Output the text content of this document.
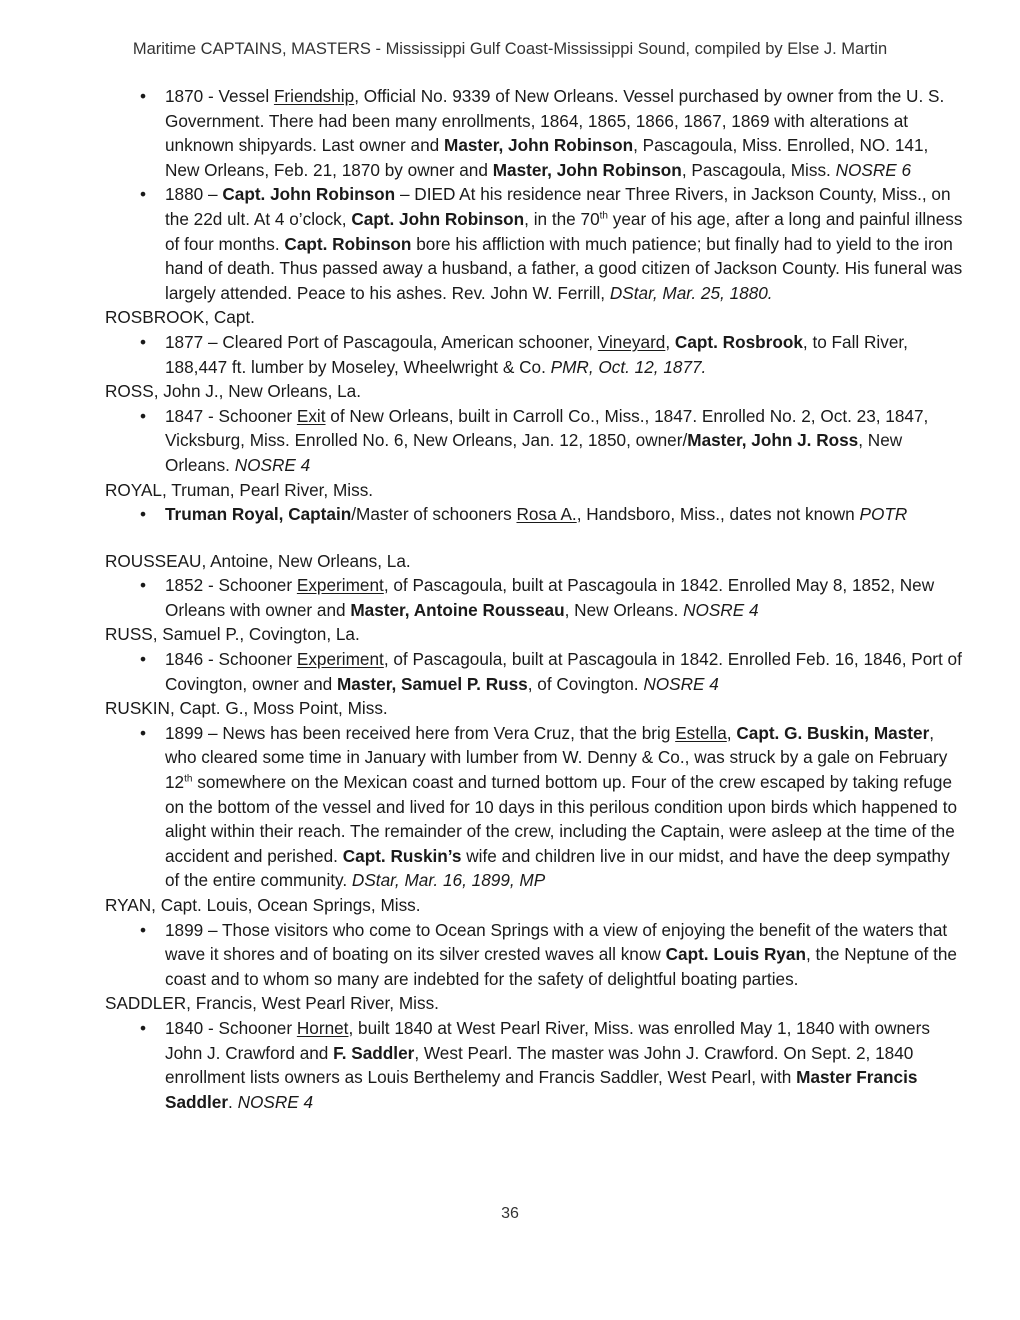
Maritime CAPTAINS, MASTERS - Mississippi Gulf Coast-Mississippi Sound, compiled by Else J. Martin
• 1870 - Vessel Friendship, Official No. 9339 of New Orleans. Vessel purchased by owner from the U. S. Government. There had been many enrollments, 1864, 1865, 1866, 1867, 1869 with alterations at unknown shipyards. Last owner and Master, John Robinson, Pascagoula, Miss. Enrolled, NO. 141, New Orleans, Feb. 21, 1870 by owner and Master, John Robinson, Pascagoula, Miss. NOSRE 6
• 1880 – Capt. John Robinson – DIED At his residence near Three Rivers, in Jackson County, Miss., on the 22d ult. At 4 o’clock, Capt. John Robinson, in the 70th year of his age, after a long and painful illness of four months. Capt. Robinson bore his affliction with much patience; but finally had to yield to the iron hand of death. Thus passed away a husband, a father, a good citizen of Jackson County. His funeral was largely attended. Peace to his ashes. Rev. John W. Ferrill, DStar, Mar. 25, 1880.
ROSBROOK, Capt.
• 1877 – Cleared Port of Pascagoula, American schooner, Vineyard, Capt. Rosbrook, to Fall River, 188,447 ft. lumber by Moseley, Wheelwright & Co. PMR, Oct. 12, 1877.
ROSS, John J., New Orleans, La.
• 1847 - Schooner Exit of New Orleans, built in Carroll Co., Miss., 1847. Enrolled No. 2, Oct. 23, 1847, Vicksburg, Miss. Enrolled No. 6, New Orleans, Jan. 12, 1850, owner/Master, John J. Ross, New Orleans. NOSRE 4
ROYAL, Truman, Pearl River, Miss.
• Truman Royal, Captain/Master of schooners Rosa A., Handsboro, Miss., dates not known POTR
ROUSSEAU, Antoine, New Orleans, La.
• 1852 - Schooner Experiment, of Pascagoula, built at Pascagoula in 1842. Enrolled May 8, 1852, New Orleans with owner and Master, Antoine Rousseau, New Orleans. NOSRE 4
RUSS, Samuel P., Covington, La.
• 1846 - Schooner Experiment, of Pascagoula, built at Pascagoula in 1842. Enrolled Feb. 16, 1846, Port of Covington, owner and Master, Samuel P. Russ, of Covington. NOSRE 4
RUSKIN, Capt. G., Moss Point, Miss.
• 1899 – News has been received here from Vera Cruz, that the brig Estella, Capt. G. Buskin, Master, who cleared some time in January with lumber from W. Denny & Co., was struck by a gale on February 12th somewhere on the Mexican coast and turned bottom up. Four of the crew escaped by taking refuge on the bottom of the vessel and lived for 10 days in this perilous condition upon birds which happened to alight within their reach. The remainder of the crew, including the Captain, were asleep at the time of the accident and perished. Capt. Ruskin’s wife and children live in our midst, and have the deep sympathy of the entire community. DStar, Mar. 16, 1899, MP
RYAN, Capt. Louis, Ocean Springs, Miss.
• 1899 – Those visitors who come to Ocean Springs with a view of enjoying the benefit of the waters that wave it shores and of boating on its silver crested waves all know Capt. Louis Ryan, the Neptune of the coast and to whom so many are indebted for the safety of delightful boating parties.
SADDLER, Francis, West Pearl River, Miss.
• 1840 - Schooner Hornet, built 1840 at West Pearl River, Miss. was enrolled May 1, 1840 with owners John J. Crawford and F. Saddler, West Pearl. The master was John J. Crawford. On Sept. 2, 1840 enrollment lists owners as Louis Berthelemy and Francis Saddler, West Pearl, with Master Francis Saddler. NOSRE 4
36
